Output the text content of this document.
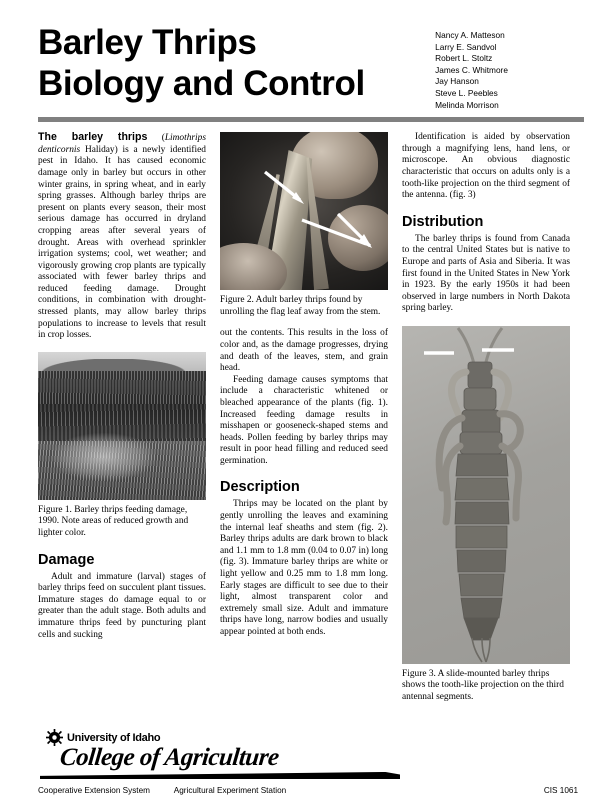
Barley Thrips
Biology and Control
Nancy A. Matteson
Larry E. Sandvol
Robert L. Stoltz
James C. Whitmore
Jay Hanson
Steve L. Peebles
Melinda Morrison

The barley thrips (Limothrips denticornis Haliday) is a newly identified pest in Idaho. It has caused economic damage only in barley but occurs in other winter grains, in spring wheat, and in early spring grasses. Although barley thrips are present on plants every season, their most serious damage has occurred in dryland cropping areas after several years of drought. Areas with overhead sprinkler irrigation systems; cool, wet weather; and vigorously growing crop plants are typically associated with fewer barley thrips and reduced feeding damage. Drought conditions, in combination with drought-stressed plants, may allow barley thrips populations to increase to levels that result in crop losses.

Figure 1. Barley thrips feeding damage, 1990. Note areas of reduced growth and lighter color.
Damage

Adult and immature (larval) stages of barley thrips feed on succulent plant tissues. Immature stages do damage equal to or greater than the adult stage. Both adults and immature thrips feed by puncturing plant cells and sucking

Figure 2. Adult barley thrips found by unrolling the flag leaf away from the stem.

out the contents. This results in the loss of color and, as the damage progresses, drying and death of the leaves, stem, and grain head.

Feeding damage causes symptoms that include a characteristic whitened or bleached appearance of the plants (fig. 1). Increased feeding damage results in misshapen or gooseneck-shaped stems and heads. Pollen feeding by barley thrips may result in poor head filling and reduced seed germination.

Description

Thrips may be located on the plant by gently unrolling the leaves and examining the internal leaf sheaths and stem (fig. 2). Barley thrips adults are dark brown to black and 1.1 mm to 1.8 mm (0.04 to 0.07 in) long (fig. 3). Immature barley thrips are white or light yellow and 0.25 mm to 1.8 mm long. Early stages are difficult to see due to their light, almost transparent color and extremely small size. Adult and immature thrips have long, narrow bodies and usually appear pointed at both ends.

Identification is aided by observation through a magnifying lens, hand lens, or microscope. An obvious diagnostic characteristic that occurs on adults only is a tooth-like projection on the third segment of the antenna. (fig. 3)

Distribution

The barley thrips is found from Canada to the central United States but is native to Europe and parts of Asia and Siberia. It was first found in the United States in New York in 1923. By the early 1950s it had been observed in large numbers in North Dakota spring barley.

Figure 3. A slide-mounted barley thrips shows the tooth-like projection on the third antennal segments.
University of Idaho
College of Agriculture
Cooperative Extension System	Agricultural Experiment Station	CIS 1061
